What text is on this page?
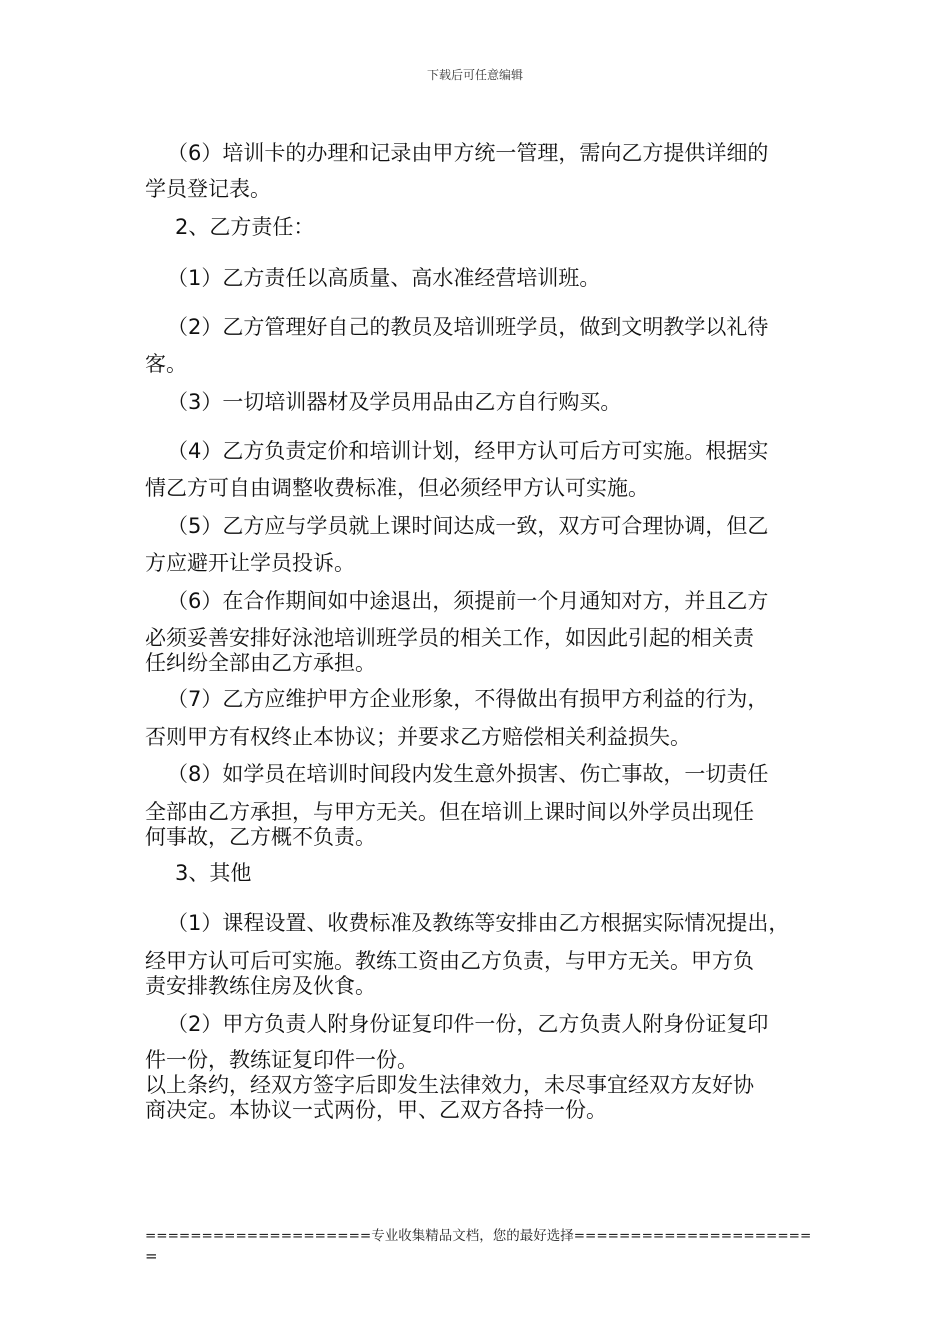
下载后可任意编辑
（6）培训卡的办理和记录由甲方统一管理，需向乙方提供详细的
学员登记表。
2、乙方责任：
（1）乙方责任以高质量、高水准经营培训班。
（2）乙方管理好自己的教员及培训班学员，做到文明教学以礼待
客。
（3）一切培训器材及学员用品由乙方自行购买。
（4）乙方负责定价和培训计划，经甲方认可后方可实施。根据实
情乙方可自由调整收费标准，但必须经甲方认可实施。
（5）乙方应与学员就上课时间达成一致，双方可合理协调，但乙
方应避开让学员投诉。
（6）在合作期间如中途退出，须提前一个月通知对方，并且乙方
必须妥善安排好泳池培训班学员的相关工作，如因此引起的相关责
任纠纷全部由乙方承担。
（7）乙方应维护甲方企业形象，不得做出有损甲方利益的行为，
否则甲方有权终止本协议；并要求乙方赔偿相关利益损失。
（8）如学员在培训时间段内发生意外损害、伤亡事故，一切责任
全部由乙方承担，与甲方无关。但在培训上课时间以外学员出现任
何事故，乙方概不负责。
3、其他
（1）课程设置、收费标准及教练等安排由乙方根据实际情况提出，
经甲方认可后可实施。教练工资由乙方负责，与甲方无关。甲方负
责安排教练住房及伙食。
（2）甲方负责人附身份证复印件一份，乙方负责人附身份证复印
件一份，教练证复印件一份。
以上条约，经双方签字后即发生法律效力，未尽事宜经双方友好协
商决定。本协议一式两份，甲、乙双方各持一份。
====================专业收集精品文档，您的最好选择=====================
=
